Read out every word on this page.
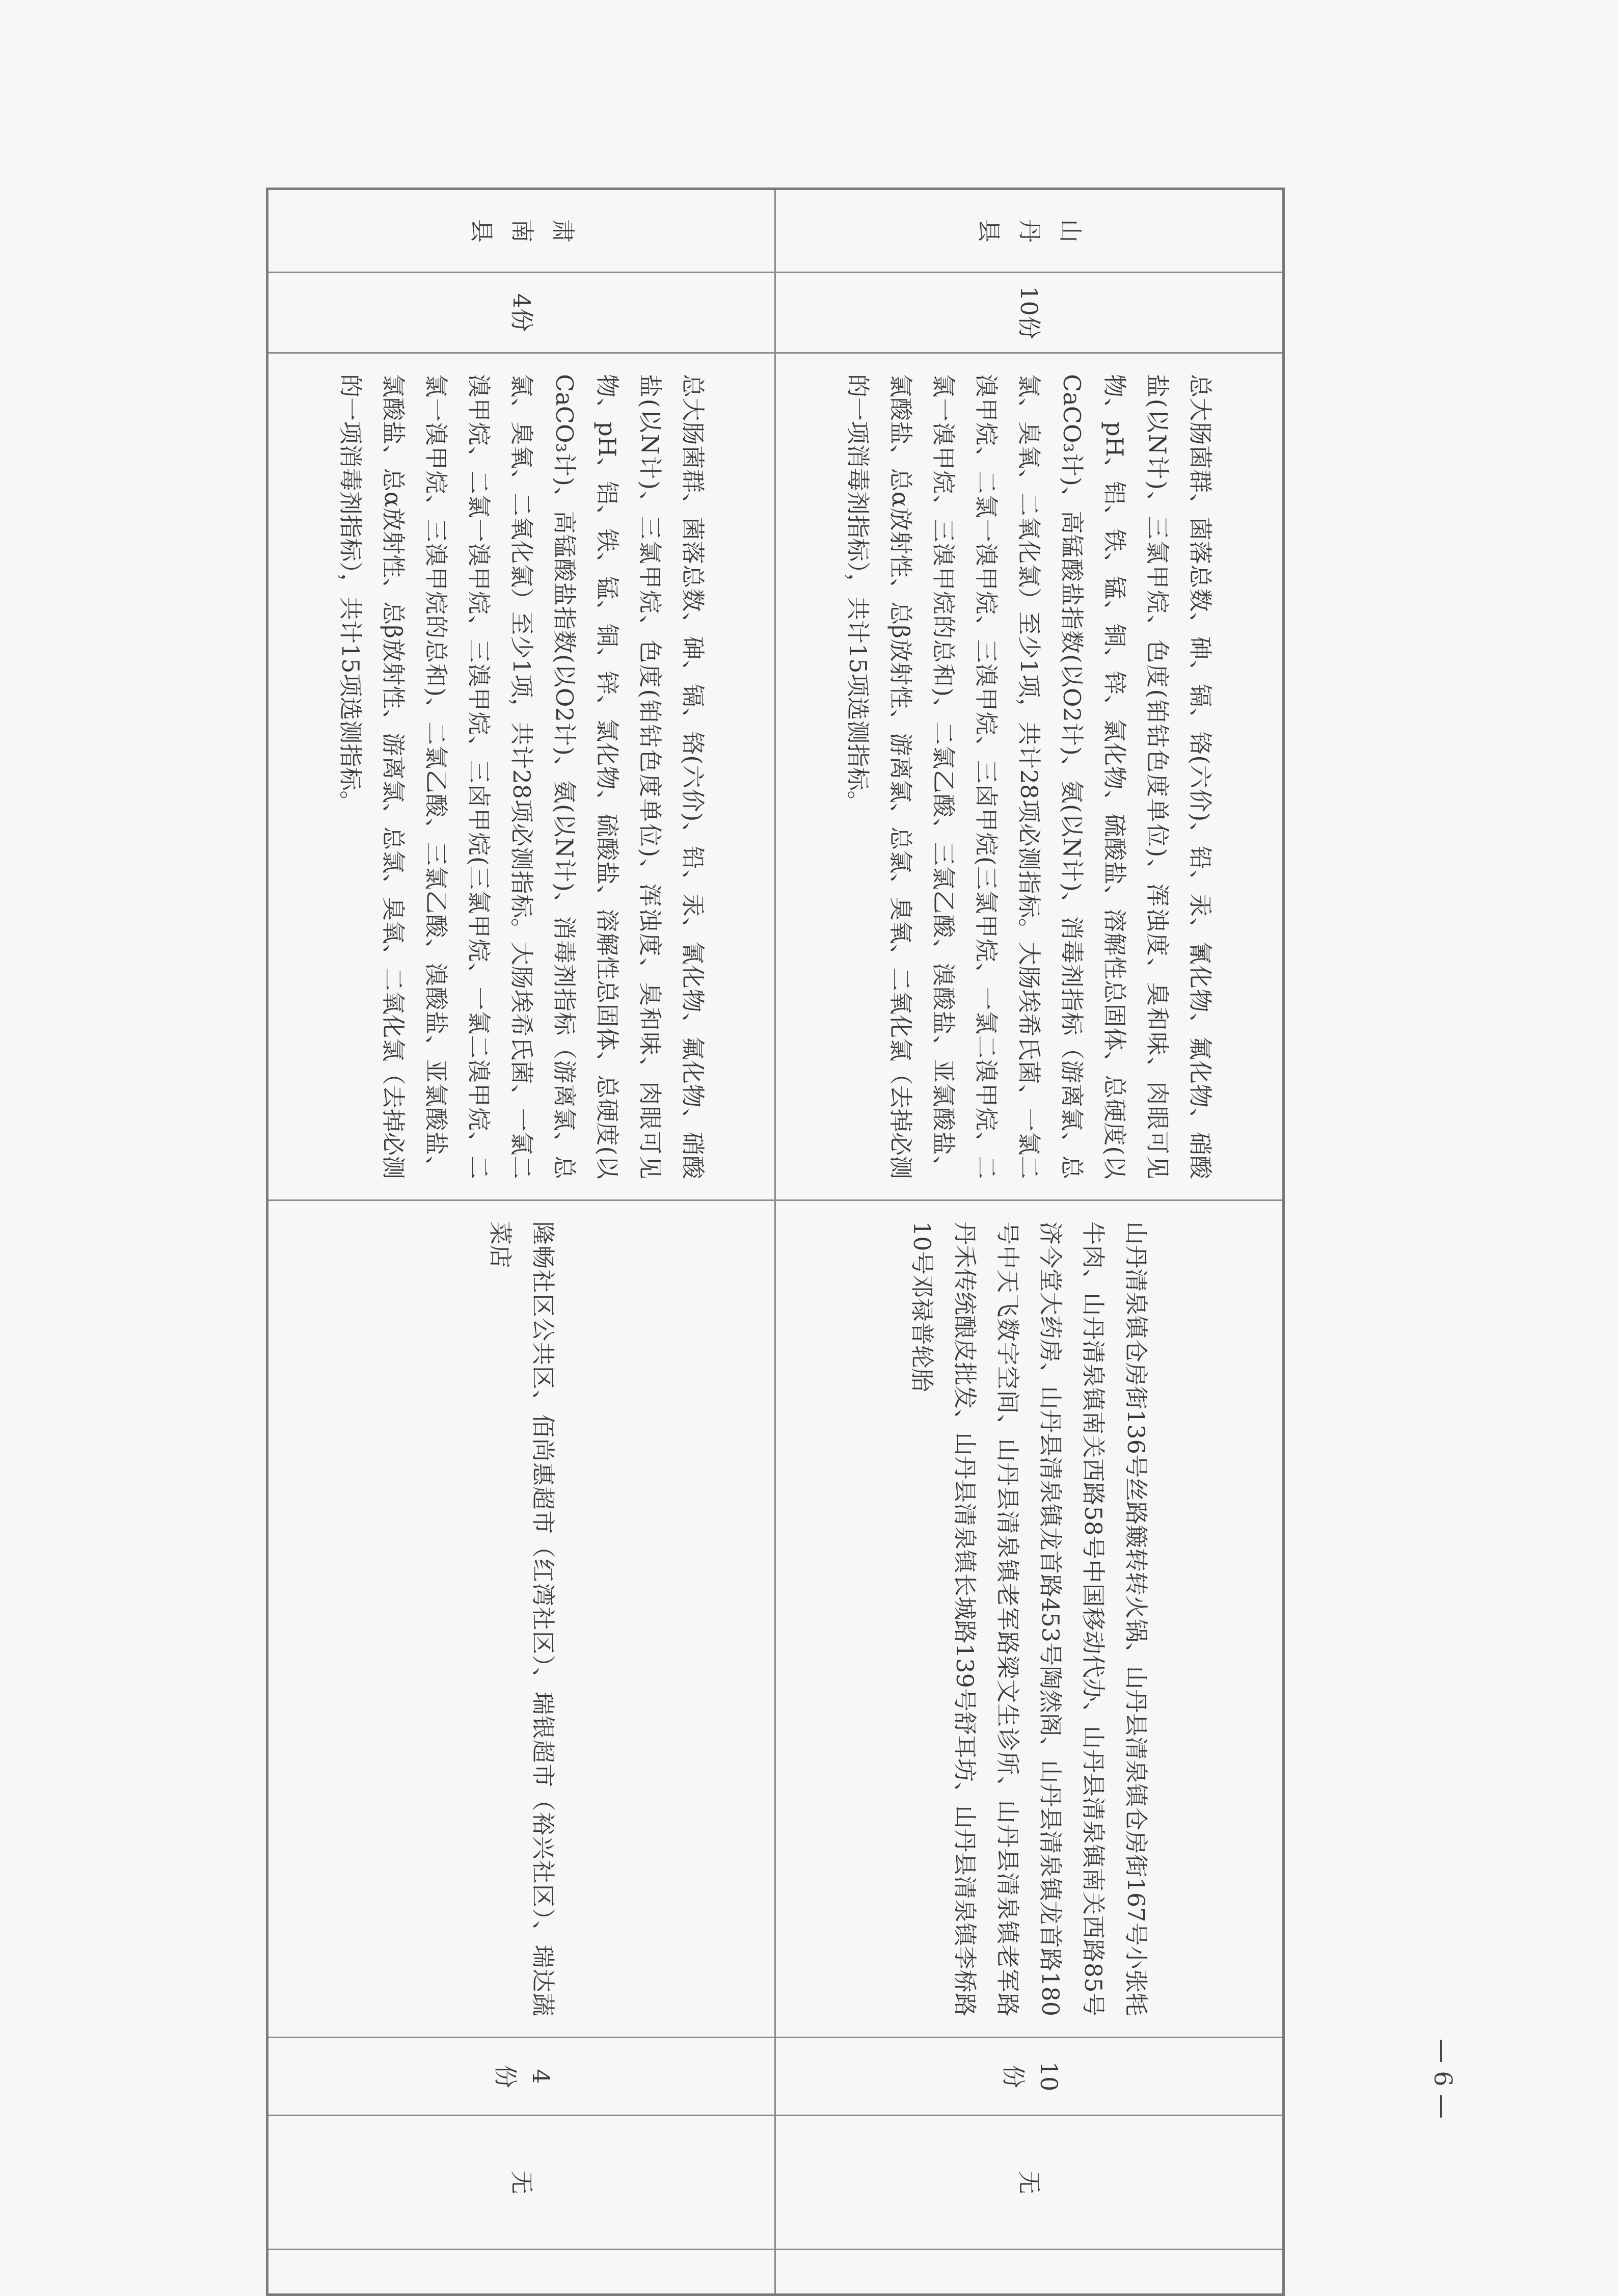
山丹县	10份	总大肠菌群、菌落总数、砷、镉、铬(六价)、铅、汞、氰化物、氟化物、硝酸盐(以N计)、三氯甲烷、色度(铂钴色度单位)、浑浊度、臭和味、肉眼可见物、pH、铝、铁、锰、铜、锌、氯化物、硫酸盐、溶解性总固体、总硬度(以CaCO₃计)、高锰酸盐指数(以O2计)、氨(以N计)、消毒剂指标（游离氯、总氯、臭氧、二氧化氯）至少1项，共计28项必测指标。大肠埃希氏菌、一氯二溴甲烷、二氯一溴甲烷、三溴甲烷、三卤甲烷(三氯甲烷、一氯二溴甲烷、二氯一溴甲烷、三溴甲烷的总和)、二氯乙酸、三氯乙酸、溴酸盐、亚氯酸盐、氯酸盐、总α放射性、总β放射性、游离氯、总氯、臭氧、二氧化氯（去掉必测的一项消毒剂指标），共计15项选测指标。	山丹清泉镇仓房街136号丝路簸转转火锅、山丹县清泉镇仓房街167号小张牦牛肉、山丹清泉镇南关西路58号中国移动代办、山丹县清泉镇南关西路85号济今堂大药房、山丹县清泉镇龙首路453号陶然阁、山丹县清泉镇龙首路180号中天飞数字空间、山丹县清泉镇老军路梁文生诊所、山丹县清泉镇老军路丹禾传统酿皮批发、山丹县清泉镇长城路139号舒耳坊、山丹县清泉镇李桥路10号邓禄普轮胎	10份	无	
肃南县	4份	总大肠菌群、菌落总数、砷、镉、铬(六价)、铅、汞、氰化物、氟化物、硝酸盐(以N计)、三氯甲烷、色度(铂钴色度单位)、浑浊度、臭和味、肉眼可见物、pH、铝、铁、锰、铜、锌、氯化物、硫酸盐、溶解性总固体、总硬度(以CaCO₃计)、高锰酸盐指数(以O2计)、氨(以N计)、消毒剂指标（游离氯、总氯、臭氧、二氧化氯）至少1项，共计28项必测指标。大肠埃希氏菌、一氯二溴甲烷、二氯一溴甲烷、三溴甲烷、三卤甲烷(三氯甲烷、一氯二溴甲烷、二氯一溴甲烷、三溴甲烷的总和)、二氯乙酸、三氯乙酸、溴酸盐、亚氯酸盐、氯酸盐、总α放射性、总β放射性、游离氯、总氯、臭氧、二氧化氯（去掉必测的一项消毒剂指标），共计15项选测指标。	隆畅社区公共区、佰尚惠超市（红湾社区）、瑞银超市（裕兴社区）、瑞达蔬菜店	4份	无	
— 6 —
